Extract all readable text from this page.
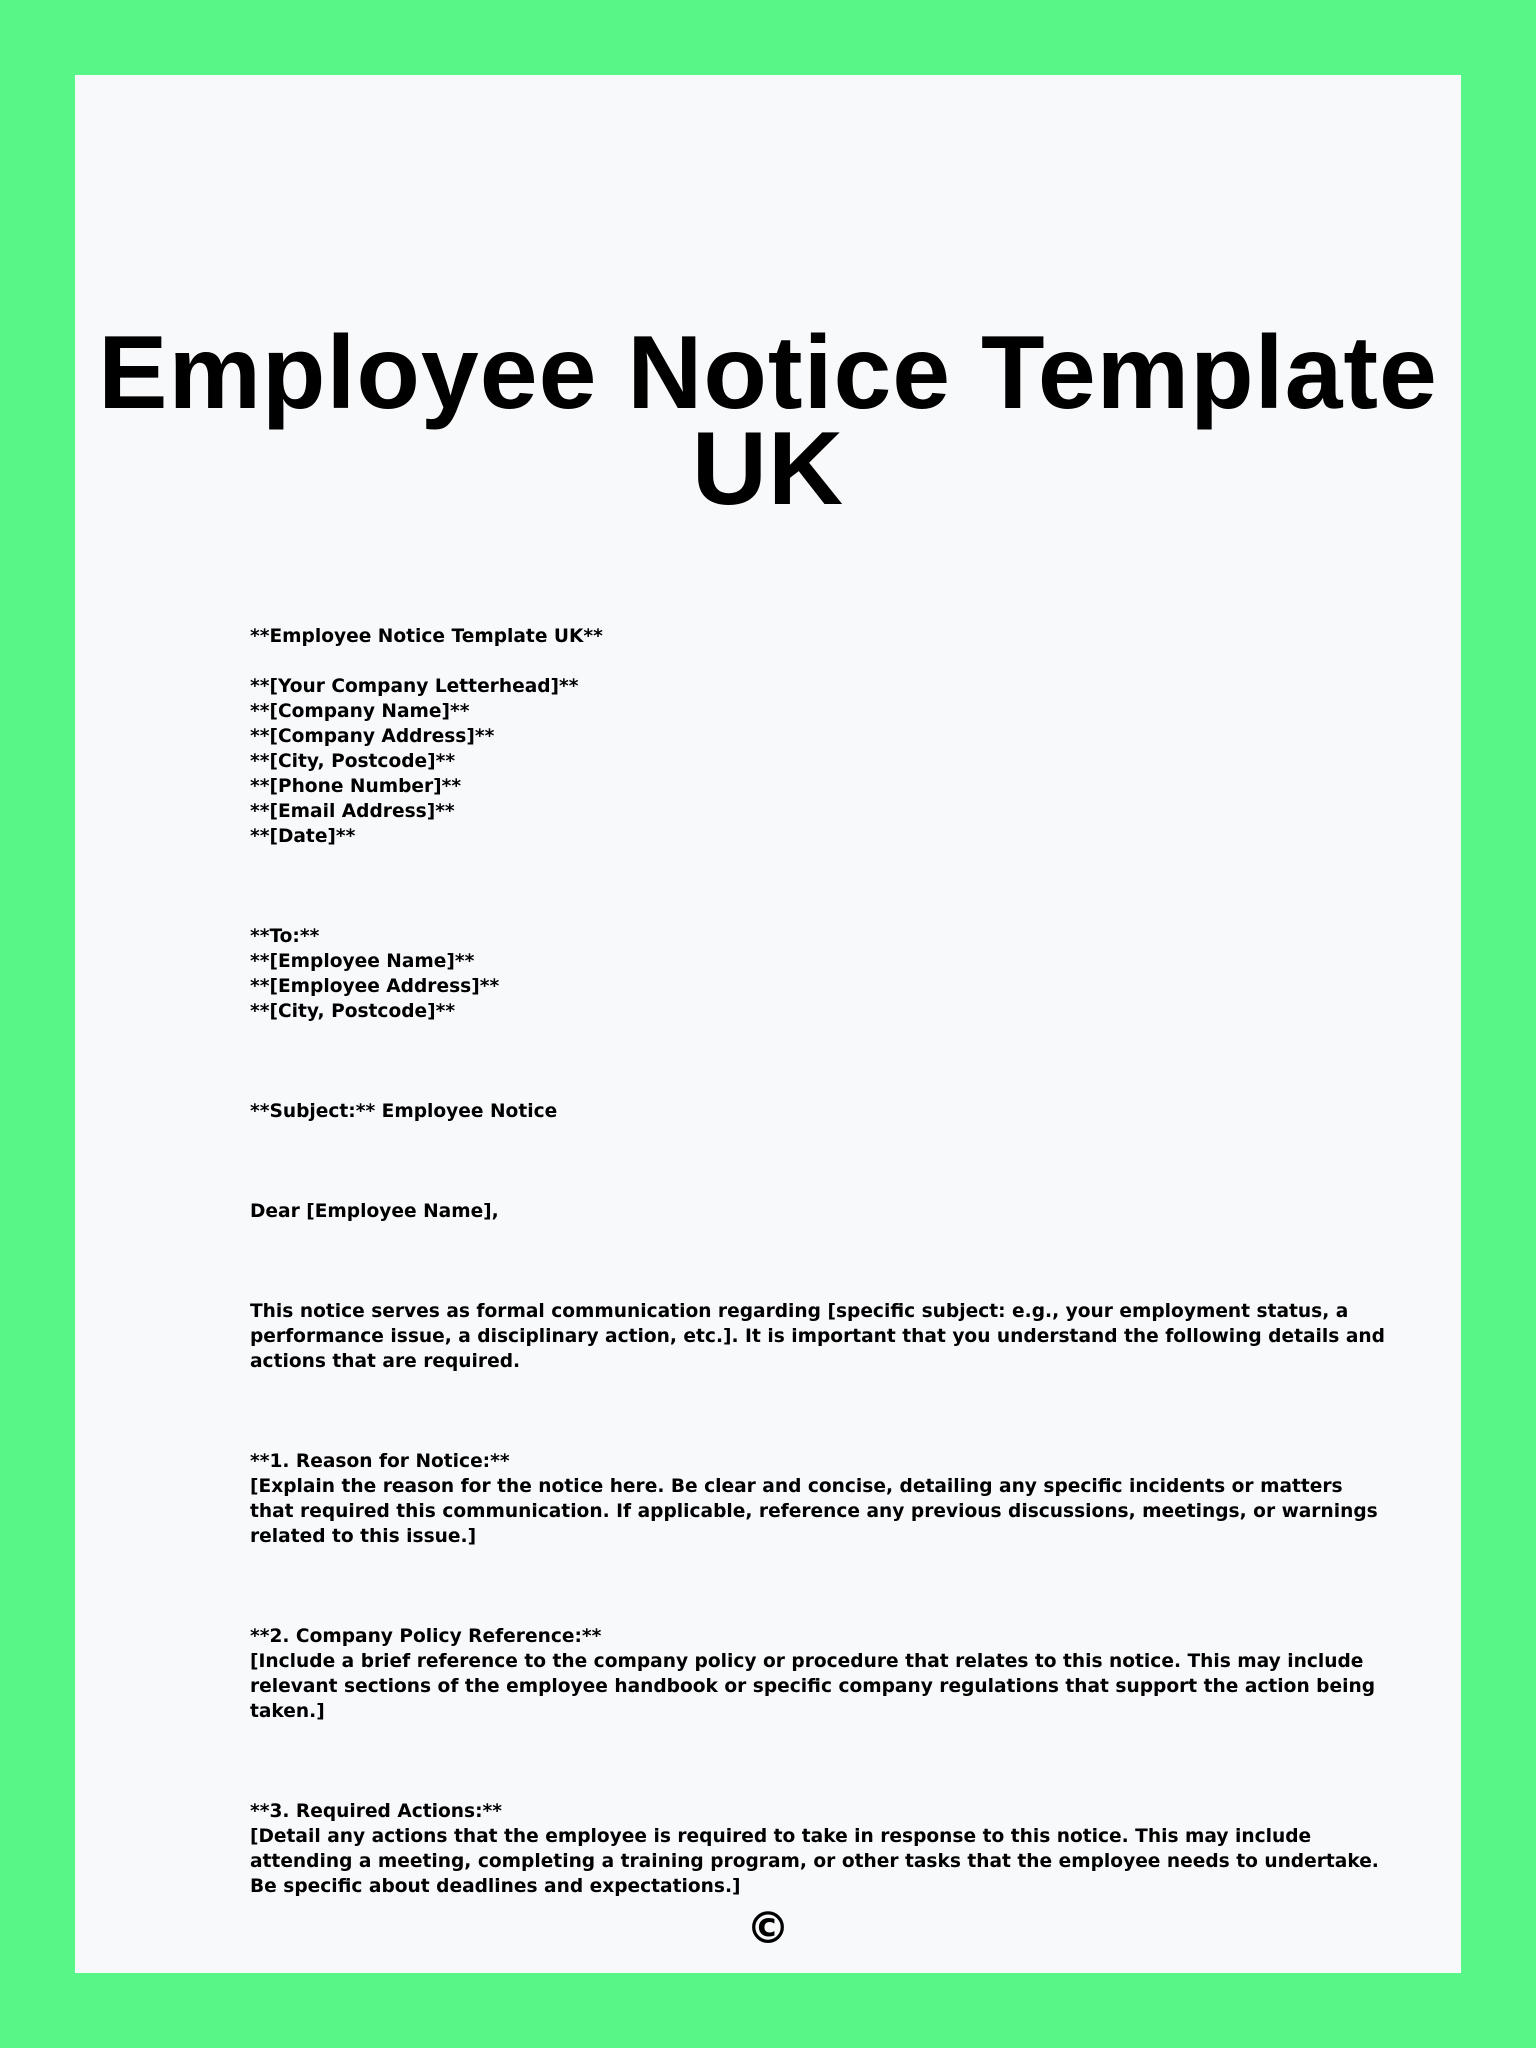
Employee Notice Template UK
**Employee Notice Template UK**
**[Your Company Letterhead]**
**[Company Name]**
**[Company Address]**
**[City, Postcode]**
**[Phone Number]**
**[Email Address]**
**[Date]**
**To:**
**[Employee Name]**
**[Employee Address]**
**[City, Postcode]**
**Subject:** Employee Notice
Dear [Employee Name],
This notice serves as formal communication regarding [specific subject: e.g., your employment status, a
performance issue, a disciplinary action, etc.]. It is important that you understand the following details and
actions that are required.
**1. Reason for Notice:**
[Explain the reason for the notice here. Be clear and concise, detailing any specific incidents or matters
that required this communication. If applicable, reference any previous discussions, meetings, or warnings
related to this issue.]
**2. Company Policy Reference:**
[Include a brief reference to the company policy or procedure that relates to this notice. This may include
relevant sections of the employee handbook or specific company regulations that support the action being
taken.]
**3. Required Actions:**
[Detail any actions that the employee is required to take in response to this notice. This may include
attending a meeting, completing a training program, or other tasks that the employee needs to undertake.
Be specific about deadlines and expectations.]
©
